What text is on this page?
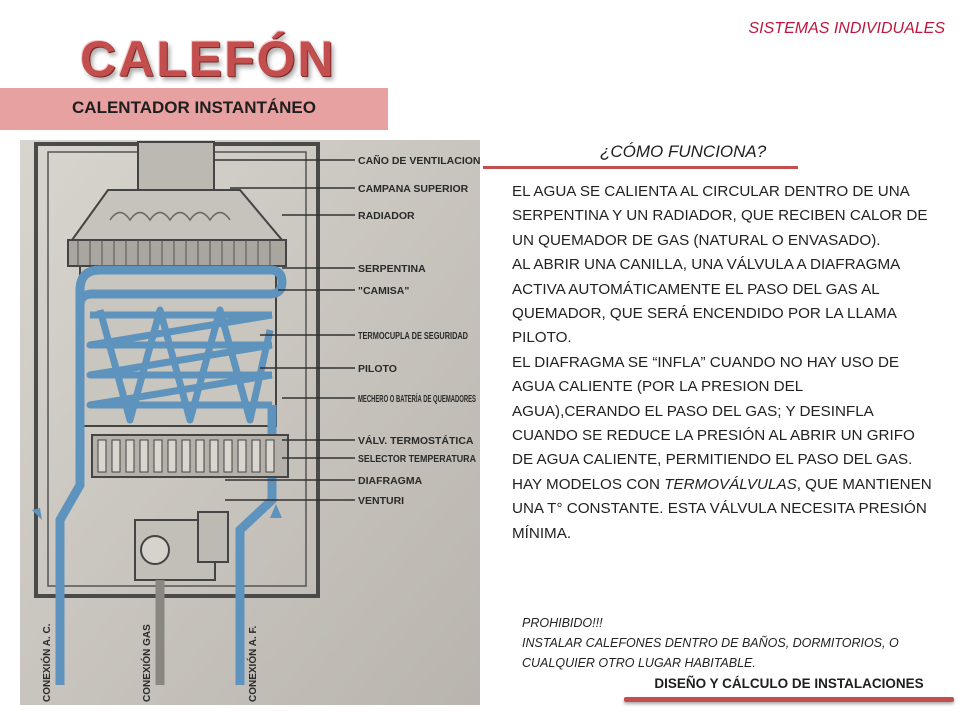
SISTEMAS INDIVIDUALES
CALEFÓN
CALENTADOR INSTANTÁNEO
CAÑO DE VENTILACION
CAMPANA SUPERIOR
RADIADOR
SERPENTINA
"CAMISA"
TERMOCUPLA DE SEGURIDAD
PILOTO
MECHERO O BATERÍA DE QUEMADORES
VÁLV. TERMOSTÁTICA
SELECTOR TEMPERATURA
DIAFRAGMA
VENTURI
CONEXIÓN A. C.	CONEXIÓN GAS	CONEXIÓN A. F.
¿CÓMO FUNCIONA?

EL AGUA SE CALIENTA AL CIRCULAR DENTRO DE UNA SERPENTINA Y UN RADIADOR, QUE RECIBEN CALOR DE UN QUEMADOR DE GAS (NATURAL O ENVASADO).

AL ABRIR UNA CANILLA, UNA VÁLVULA A DIAFRAGMA ACTIVA AUTOMÁTICAMENTE EL PASO DEL GAS AL QUEMADOR, QUE SERÁ ENCENDIDO POR LA LLAMA PILOTO.

EL DIAFRAGMA SE “INFLA” CUANDO NO HAY USO DE AGUA CALIENTE (POR LA PRESION DEL AGUA),CERANDO EL PASO DEL GAS; Y DESINFLA CUANDO SE REDUCE LA PRESIÓN AL ABRIR UN GRIFO DE AGUA CALIENTE, PERMITIENDO EL PASO DEL GAS.

HAY MODELOS CON TERMOVÁLVULAS, QUE MANTIENEN UNA T° CONSTANTE. ESTA VÁLVULA NECESITA PRESIÓN MÍNIMA.

PROHIBIDO!!!

INSTALAR CALEFONES DENTRO DE BAÑOS, DORMITORIOS, O CUALQUIER OTRO LUGAR HABITABLE.

DISEÑO Y CÁLCULO DE INSTALACIONES
